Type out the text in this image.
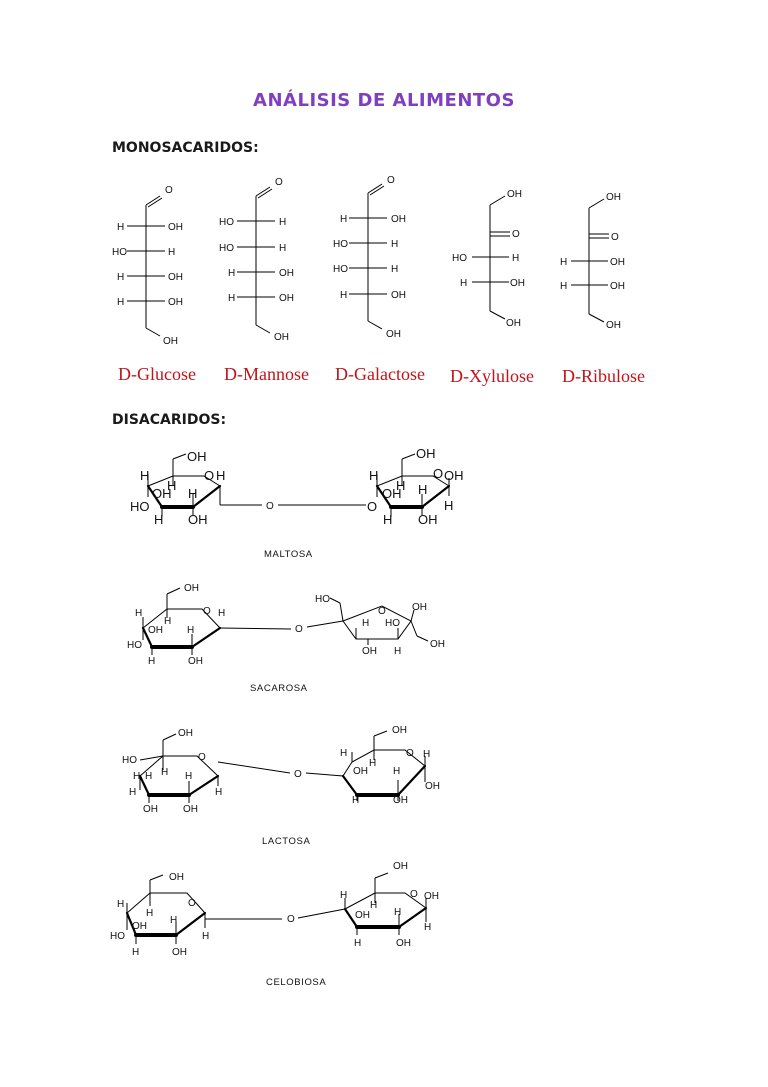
ANÁLISIS DE ALIMENTOS
MONOSACARIDOS:
DISACARIDOS:
O
H	OH
HO	H
H	OH
H	OH
OH
O
HO	H
HO	H
H	OH
H	OH
OH
O
H	OH
HO	H
HO	H
H	OH
OH
OH
O
HO	H
H	OH
OH
OH
O
H	OH
H	OH
OH
D-Glucose D-Mannose D-Galactose D-Xylulose D-Ribulose
OH
H	O H
H
OH H
HO
H OH
OH
H	O OH
H
OH H
O	H
H OH
O
OH
H	O H
H
OH H
HO
H	OH
O
HO
O	OH
H HO
OH
OH H
OH
HO	O
H
H H	H
H	H
OH	OH
O
OH
H	O H
H
OH	H
OH
H	OH
OH
H	O
H
H
OH
HO	H
H	OH
O
OH
H	O OH
H
OH H
H
H	OH
MALTOSA
SACAROSA
LACTOSA
CELOBIOSA
